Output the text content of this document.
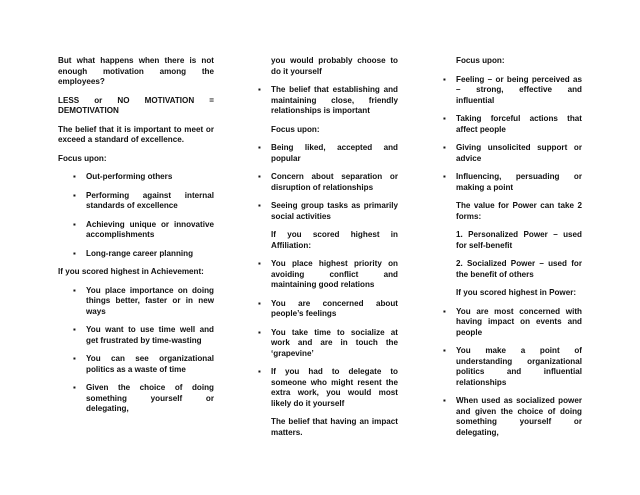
But what happens when there is not enough motivation among the employees?

LESS or NO MOTIVATION = DEMOTIVATION

The belief that it is important to meet or exceed a standard of excellence.

Focus upon:

▪ Out-performing others
▪ Performing against internal standards of excellence
▪ Achieving unique or innovative accomplishments
▪ Long-range career planning

If you scored highest in Achievement:

▪ You place importance on doing things better, faster or in new ways
▪ You want to use time well and get frustrated by time-wasting
▪ You can see organizational politics as a waste of time
▪ Given the choice of doing something yourself or delegating,

you would probably choose to do it yourself

▪ The belief that establishing and maintaining close, friendly relationships is important

Focus upon:

▪ Being liked, accepted and popular
▪ Concern about separation or disruption of relationships
▪ Seeing group tasks as primarily social activities

If you scored highest in Affiliation:

▪ You place highest priority on avoiding conflict and maintaining good relations
▪ You are concerned about people’s feelings
▪ You take time to socialize at work and are in touch the ‘grapevine’
▪ If you had to delegate to someone who might resent the extra work, you would most likely do it yourself

The belief that having an impact matters.

Focus upon:

▪ Feeling – or being perceived as – strong, effective and influential
▪ Taking forceful actions that affect people
▪ Giving unsolicited support or advice
▪ Influencing, persuading or making a point

The value for Power can take 2 forms:

1. Personalized Power – used for self-benefit

2. Socialized Power – used for the benefit of others

If you scored highest in Power:

▪ You are most concerned with having impact on events and people
▪ You make a point of understanding organizational politics and influential relationships
▪ When used as socialized power and given the choice of doing something yourself or delegating,
